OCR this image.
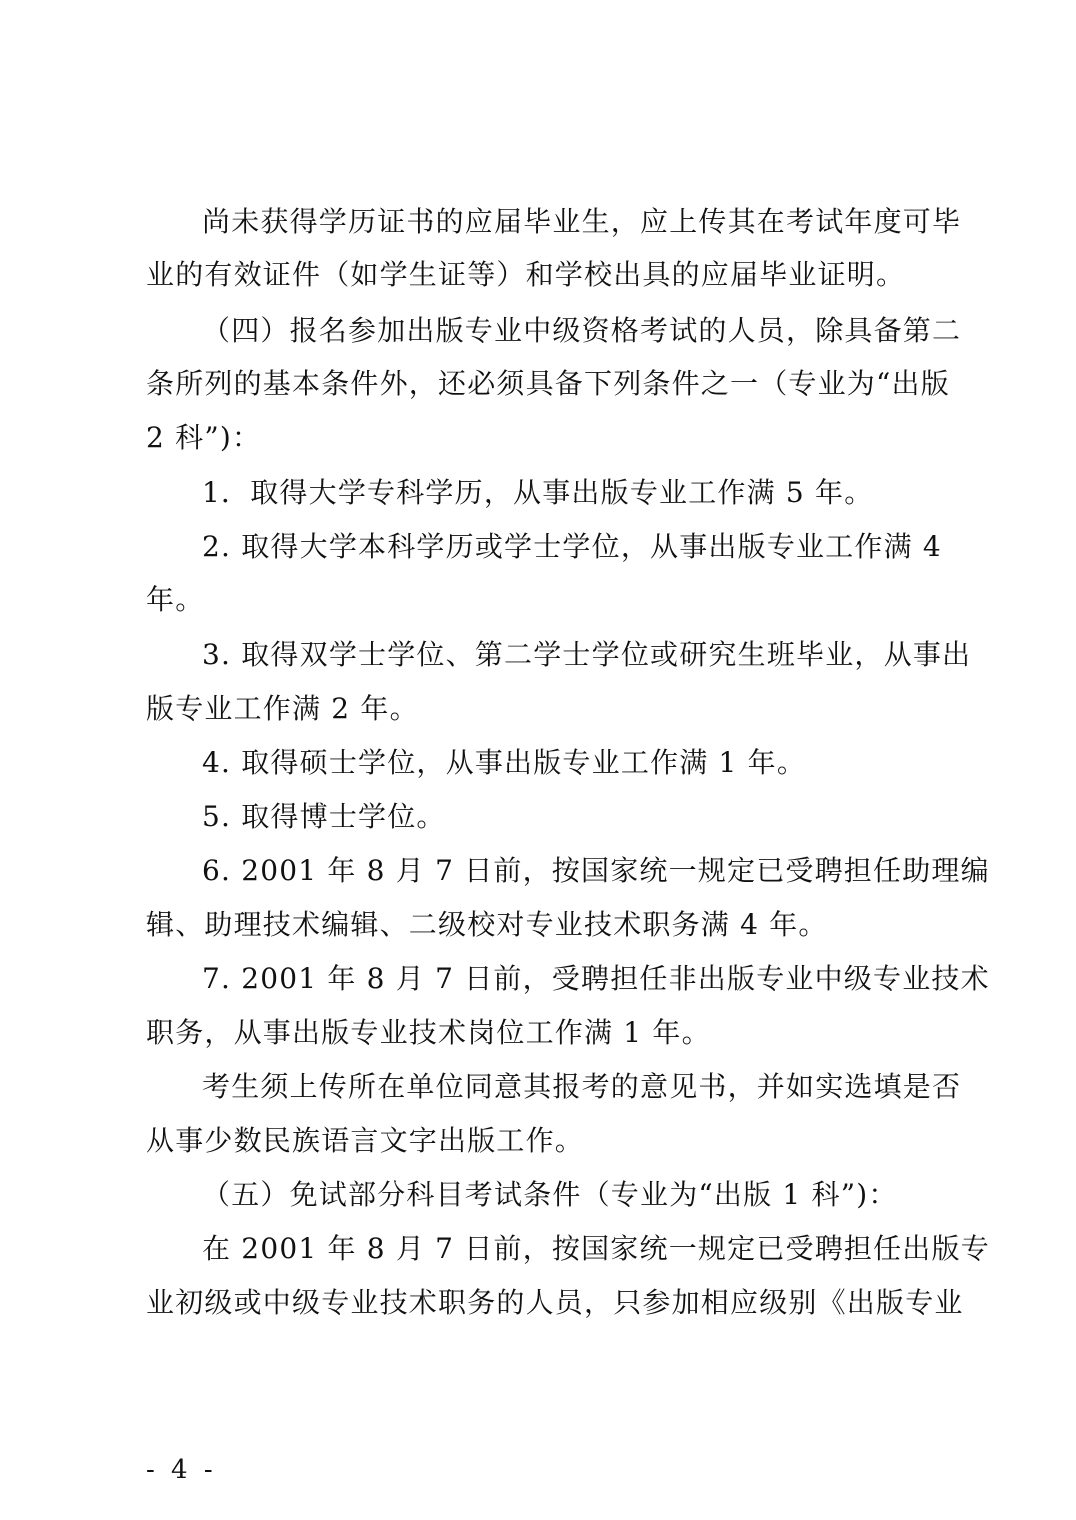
尚未获得学历证书的应届毕业生，应上传其在考试年度可毕
业的有效证件（如学生证等）和学校出具的应届毕业证明。
（四）报名参加出版专业中级资格考试的人员，除具备第二
条所列的基本条件外，还必须具备下列条件之一（专业为“出版
2 科”)：
1．取得大学专科学历，从事出版专业工作满 5 年。
2. 取得大学本科学历或学士学位，从事出版专业工作满 4
年。
3. 取得双学士学位、第二学士学位或研究生班毕业，从事出
版专业工作满 2 年。
4. 取得硕士学位，从事出版专业工作满 1 年。
5. 取得博士学位。
6. 2001 年 8 月 7 日前，按国家统一规定已受聘担任助理编
辑、助理技术编辑、二级校对专业技术职务满 4 年。
7. 2001 年 8 月 7 日前，受聘担任非出版专业中级专业技术
职务，从事出版专业技术岗位工作满 1 年。
考生须上传所在单位同意其报考的意见书，并如实选填是否
从事少数民族语言文字出版工作。
（五）免试部分科目考试条件（专业为“出版 1 科”)：
在 2001 年 8 月 7 日前，按国家统一规定已受聘担任出版专
业初级或中级专业技术职务的人员，只参加相应级别《出版专业
- 4 -
